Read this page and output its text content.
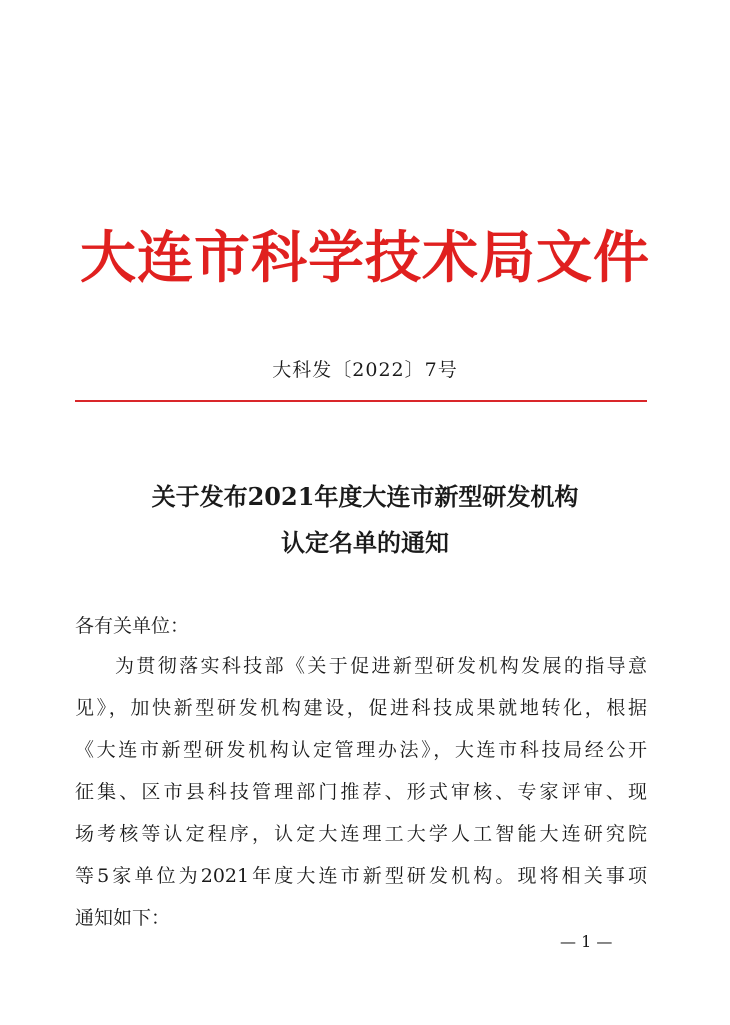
大连市科学技术局文件
大科发〔2022〕7号
关于发布2021年度大连市新型研发机构
认定名单的通知
各有关单位：
为贯彻落实科技部《关于促进新型研发机构发展的指导意
见》，加快新型研发机构建设，促进科技成果就地转化，根据
《大连市新型研发机构认定管理办法》，大连市科技局经公开
征集、区市县科技管理部门推荐、形式审核、专家评审、现
场考核等认定程序，认定大连理工大学人工智能大连研究院
等5家单位为2021年度大连市新型研发机构。现将相关事项
通知如下：
— 1 —
